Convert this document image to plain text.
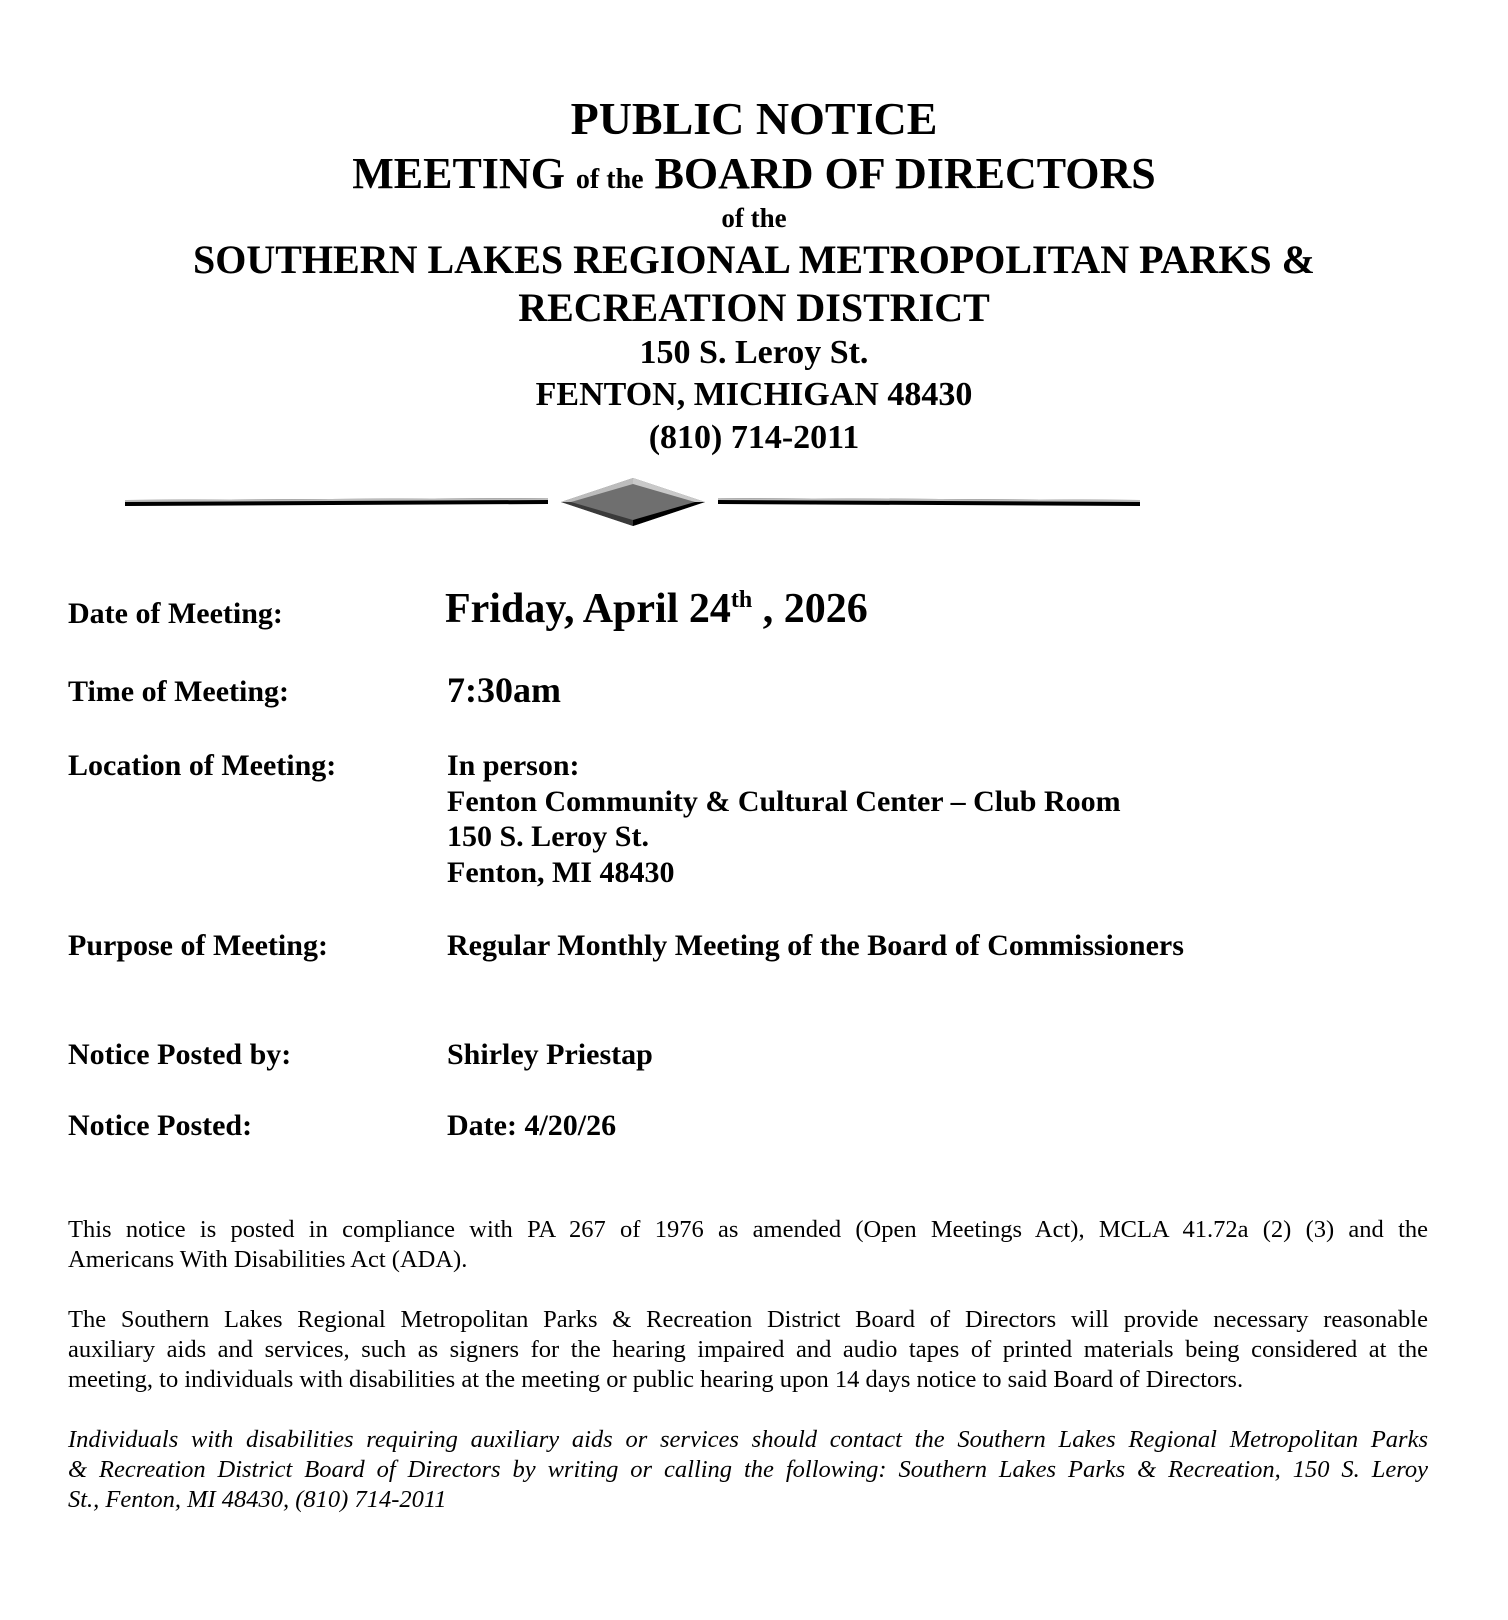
PUBLIC NOTICE
MEETING of the BOARD OF DIRECTORS
of the
SOUTHERN LAKES REGIONAL METROPOLITAN PARKS &
RECREATION DISTRICT
150 S. Leroy St.
FENTON, MICHIGAN 48430
(810) 714-2011
Date of Meeting:	Friday, April 24th , 2026
Time of Meeting:	7:30am
Location of Meeting:	In person:
Fenton Community & Cultural Center – Club Room
150 S. Leroy St.
Fenton, MI 48430
Purpose of Meeting:	Regular Monthly Meeting of the Board of Commissioners
Notice Posted by:	Shirley Priestap
Notice Posted:	Date: 4/20/26
This notice is posted in compliance with PA 267 of 1976 as amended (Open Meetings Act), MCLA 41.72a (2) (3) and the
Americans With Disabilities Act (ADA).
The Southern Lakes Regional Metropolitan Parks & Recreation District Board of Directors will provide necessary reasonable
auxiliary aids and services, such as signers for the hearing impaired and audio tapes of printed materials being considered at the
meeting, to individuals with disabilities at the meeting or public hearing upon 14 days notice to said Board of Directors.
Individuals with disabilities requiring auxiliary aids or services should contact the Southern Lakes Regional Metropolitan Parks
& Recreation District Board of Directors by writing or calling the following: Southern Lakes Parks & Recreation, 150 S. Leroy
St., Fenton, MI 48430, (810) 714-2011
